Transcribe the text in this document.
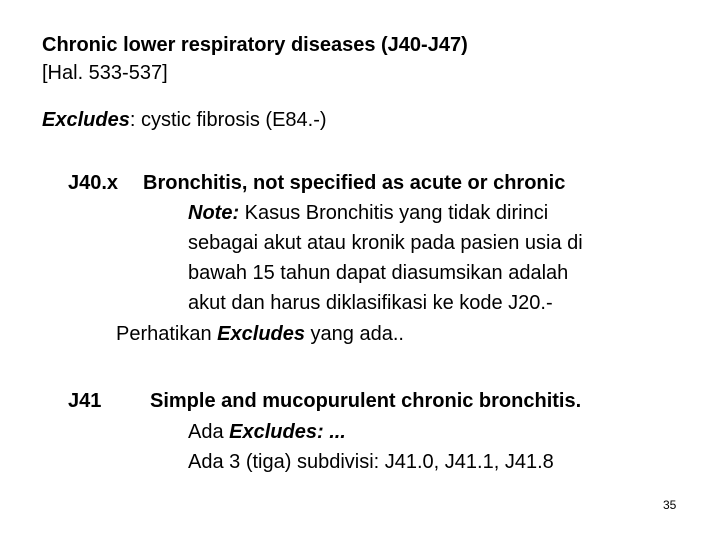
Chronic lower respiratory diseases (J40-J47)
[Hal. 533-537]
Excludes: cystic fibrosis (E84.-)
J40.x Bronchitis, not specified as acute or chronic
Note: Kasus Bronchitis yang tidak dirinci
sebagai akut atau kronik pada pasien usia di
bawah 15 tahun dapat diasumsikan adalah
akut dan harus diklasifikasi ke kode J20.-
Perhatikan Excludes yang ada..
J41 Simple and mucopurulent chronic bronchitis.
Ada Excludes: ...
Ada 3 (tiga) subdivisi: J41.0, J41.1, J41.8
35
